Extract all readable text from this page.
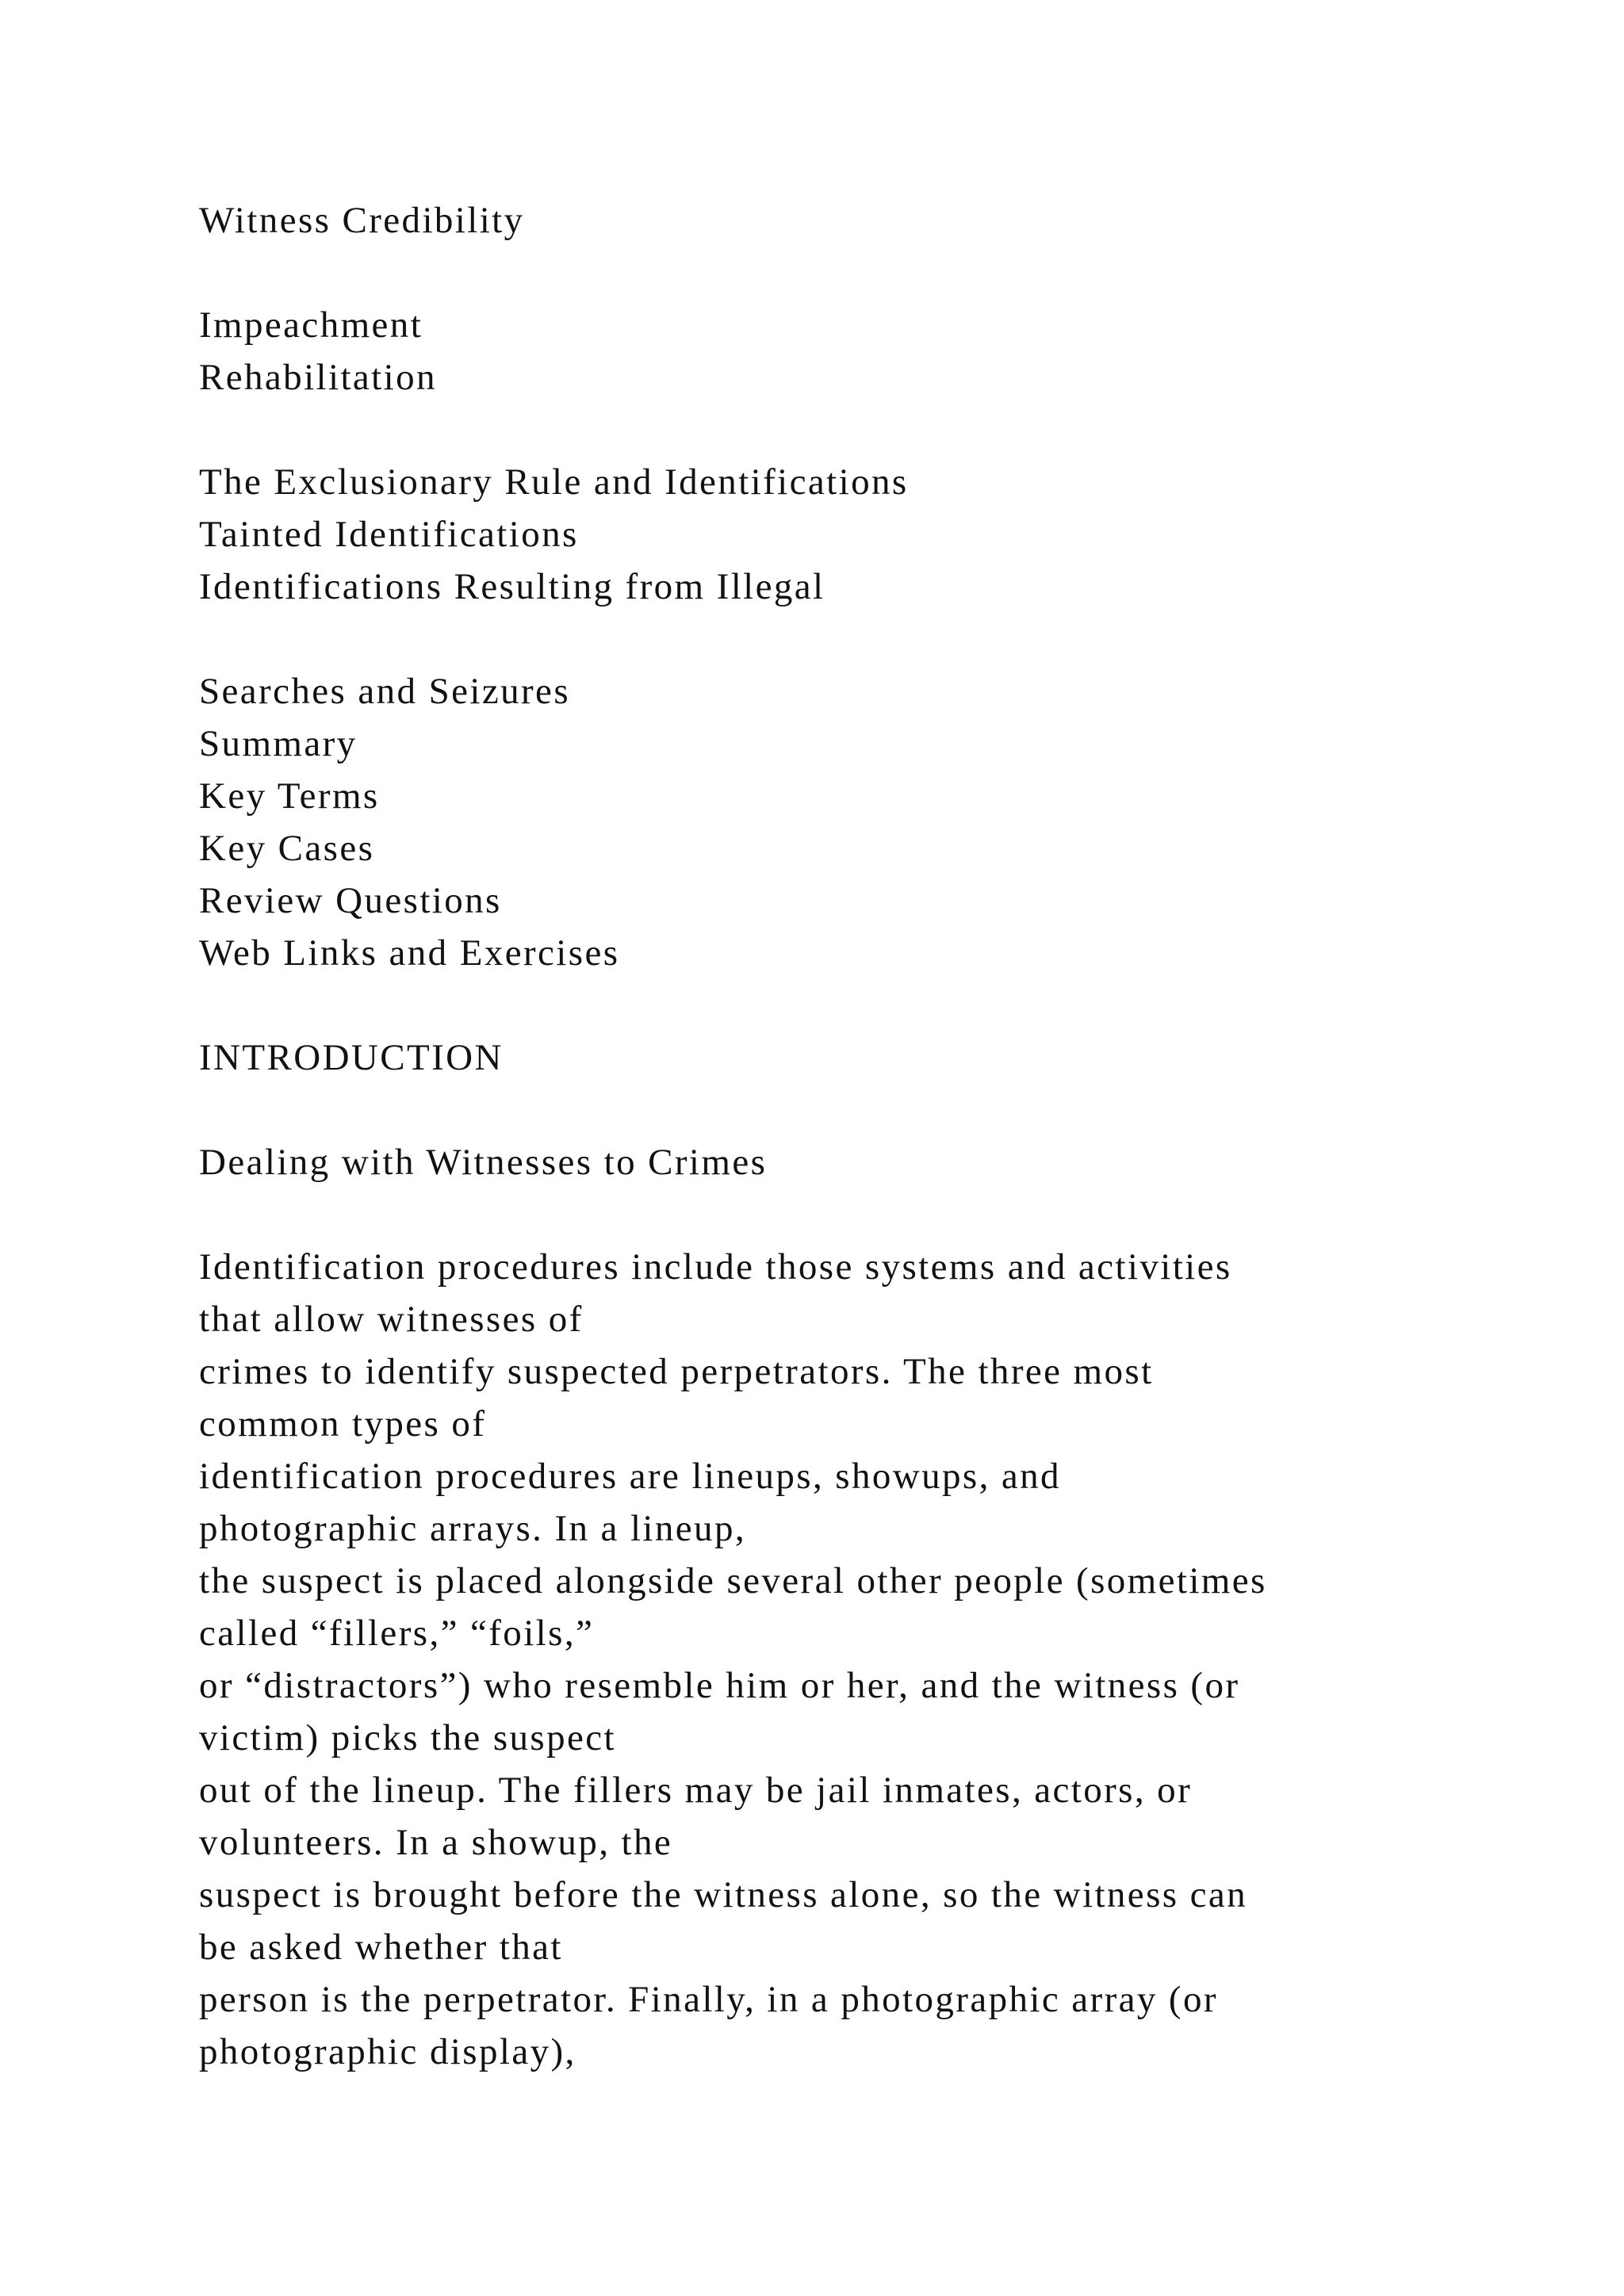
Witness Credibility
Impeachment
Rehabilitation
The Exclusionary Rule and Identifications
Tainted Identifications
Identifications Resulting from Illegal
Searches and Seizures
Summary
Key Terms
Key Cases
Review Questions
Web Links and Exercises
INTRODUCTION
Dealing with Witnesses to Crimes
Identification procedures include those systems and activities
that allow witnesses of
crimes to identify suspected perpetrators. The three most
common types of
identification procedures are lineups, showups, and
photographic arrays. In a lineup,
the suspect is placed alongside several other people (sometimes
called “fillers,” “foils,”
or “distractors”) who resemble him or her, and the witness (or
victim) picks the suspect
out of the lineup. The fillers may be jail inmates, actors, or
volunteers. In a showup, the
suspect is brought before the witness alone, so the witness can
be asked whether that
person is the perpetrator. Finally, in a photographic array (or
photographic display),
